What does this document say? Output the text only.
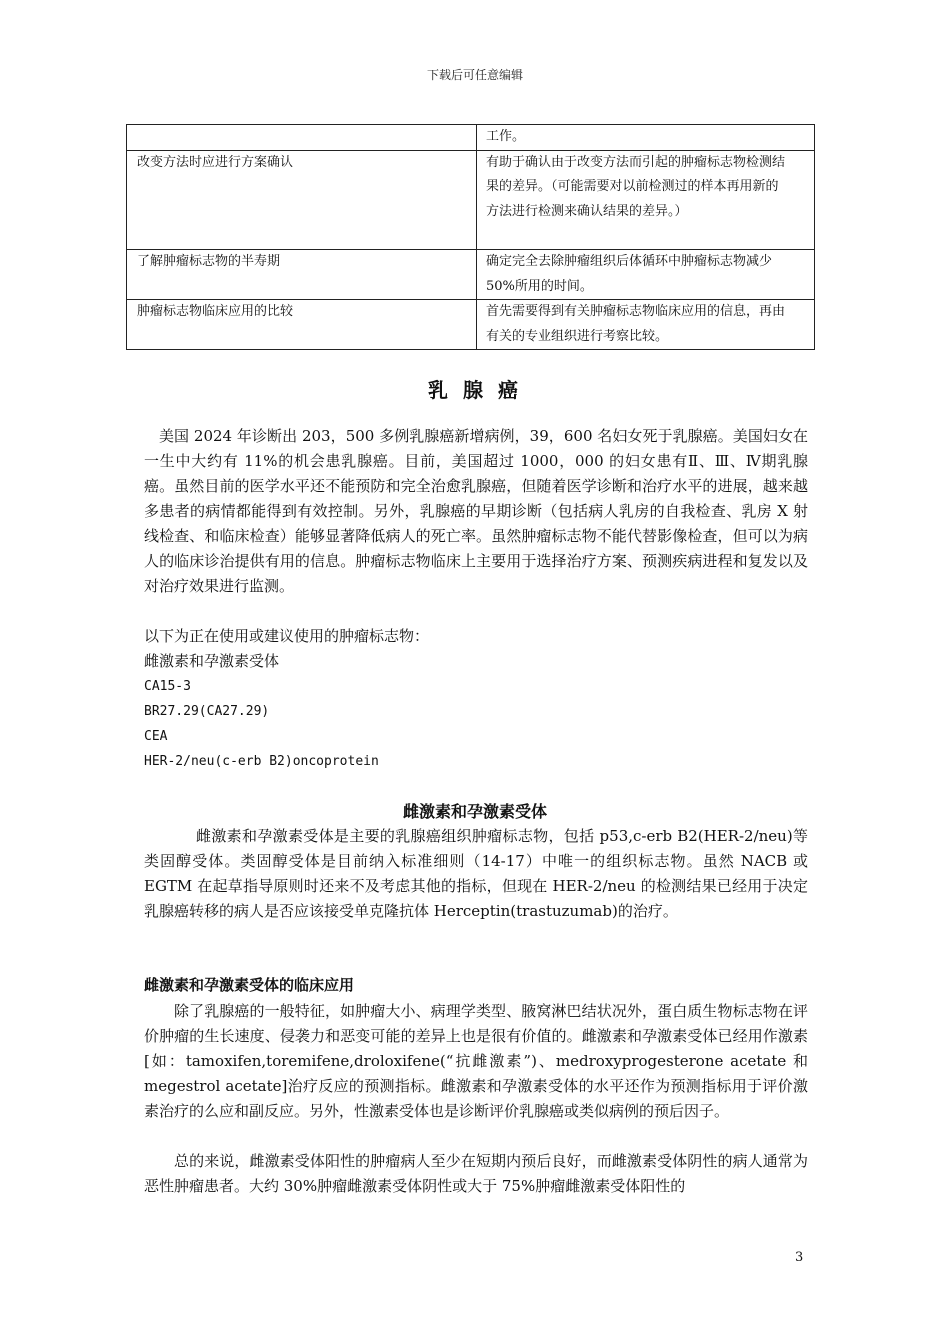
下载后可任意编辑

	工作。

改变方法时应进行方案确认	有助于确认由于改变方法而引起的肿瘤标志物检测结
果的差异。（可能需要对以前检测过的样本再用新的
方法进行检测来确认结果的差异。）

了解肿瘤标志物的半寿期	确定完全去除肿瘤组织后体循环中肿瘤标志物减少
50%所用的时间。

肿瘤标志物临床应用的比较	首先需要得到有关肿瘤标志物临床应用的信息，再由
有关的专业组织进行考察比较。
乳 腺 癌

美国 2024 年诊断出 203，500 多例乳腺癌新增病例，39，600 名妇女死于乳腺癌。美国妇女在一生中大约有 11%的机会患乳腺癌。目前，美国超过 1000，000 的妇女患有Ⅱ、Ⅲ、Ⅳ期乳腺癌。虽然目前的医学水平还不能预防和完全治愈乳腺癌，但随着医学诊断和治疗水平的进展，越来越多患者的病情都能得到有效控制。另外，乳腺癌的早期诊断（包括病人乳房的自我检查、乳房 X 射线检查、和临床检查）能够显著降低病人的死亡率。虽然肿瘤标志物不能代替影像检查，但可以为病人的临床诊治提供有用的信息。肿瘤标志物临床上主要用于选择治疗方案、预测疾病进程和复发以及对治疗效果进行监测。

以下为正在使用或建议使用的肿瘤标志物：
雌激素和孕激素受体
CA15-3
BR27.29(CA27.29)
CEA
HER-2/neu(c-erb B2)oncoprotein
雌激素和孕激素受体

雌激素和孕激素受体是主要的乳腺癌组织肿瘤标志物，包括 p53,c-erb B2(HER-2/neu)等类固醇受体。类固醇受体是目前纳入标准细则（14-17）中唯一的组织标志物。虽然 NACB 或 EGTM 在起草指导原则时还来不及考虑其他的指标，但现在 HER-2/neu 的检测结果已经用于决定乳腺癌转移的病人是否应该接受单克隆抗体 Herceptin(trastuzumab)的治疗。

雌激素和孕激素受体的临床应用

除了乳腺癌的一般特征，如肿瘤大小、病理学类型、腋窝淋巴结状况外，蛋白质生物标志物在评价肿瘤的生长速度、侵袭力和恶变可能的差异上也是很有价值的。雌激素和孕激素受体已经用作激素[如：tamoxifen,toremifene,droloxifene(“抗雌激素”)、medroxyprogesterone acetate 和 megestrol acetate]治疗反应的预测指标。雌激素和孕激素受体的水平还作为预测指标用于评价激素治疗的么应和副反应。另外，性激素受体也是诊断评价乳腺癌或类似病例的预后因子。

总的来说，雌激素受体阳性的肿瘤病人至少在短期内预后良好，而雌激素受体阴性的病人通常为恶性肿瘤患者。大约 30%肿瘤雌激素受体阴性或大于 75%肿瘤雌激素受体阳性的

3
